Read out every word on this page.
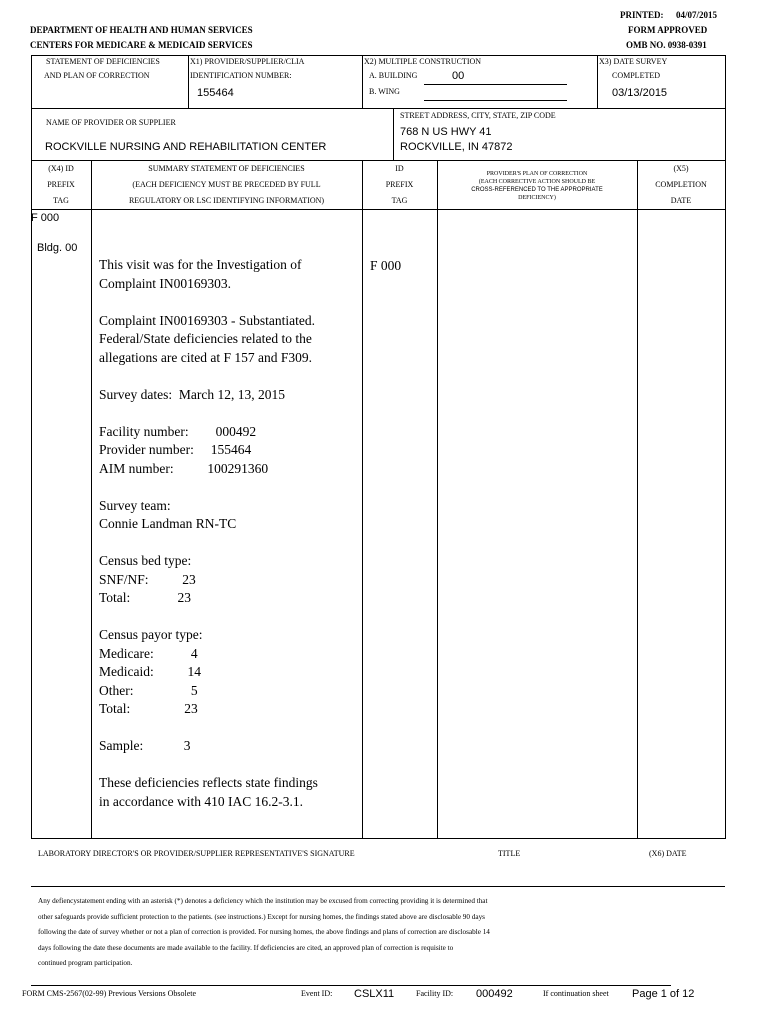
PRINTED: 04/07/2015
FORM APPROVED
OMB NO. 0938-0391
DEPARTMENT OF HEALTH AND HUMAN SERVICES
CENTERS FOR MEDICARE & MEDICAID SERVICES
STATEMENT OF DEFICIENCIES
AND PLAN OF CORRECTION
X1) PROVIDER/SUPPLIER/CLIA
IDENTIFICATION NUMBER:
155464
X2) MULTIPLE CONSTRUCTION
A. BUILDING	00
B. WING
X3) DATE SURVEY
COMPLETED
03/13/2015
NAME OF PROVIDER OR SUPPLIER
ROCKVILLE NURSING AND REHABILITATION CENTER
STREET ADDRESS, CITY, STATE, ZIP CODE
768 N US HWY 41
ROCKVILLE, IN 47872
(X4) ID
PREFIX
TAG
SUMMARY STATEMENT OF DEFICIENCIES
(EACH DEFICIENCY MUST BE PRECEDED BY FULL
REGULATORY OR LSC IDENTIFYING INFORMATION)
ID
PREFIX
TAG
PROVIDER'S PLAN OF CORRECTION
(EACH CORRECTIVE ACTION SHOULD BE
CROSS-REFERENCED TO THE APPROPRIATE
DEFICIENCY)
(X5)
COMPLETION
DATE
F 000
Bldg. 00
F 000
This visit was for the Investigation of
Complaint IN00169303.

Complaint IN00169303 - Substantiated.
Federal/State deficiencies related to the
allegations are cited at F 157 and F309.

Survey dates:  March 12, 13, 2015

Facility number:        000492
Provider number:     155464
AIM number:          100291360

Survey team:
Connie Landman RN-TC

Census bed type:
SNF/NF:          23
Total:              23

Census payor type:
Medicare:           4
Medicaid:          14
Other:                 5
Total:                23

Sample:            3

These deficiencies reflects state findings
in accordance with 410 IAC 16.2-3.1.
LABORATORY DIRECTOR'S OR PROVIDER/SUPPLIER REPRESENTATIVE'S SIGNATURE	TITLE	(X6) DATE
Any defiencystatement ending with an asterisk (*) denotes a deficiency which the institution may be excused from correcting providing it is determined that
other safeguards provide sufficient protection to the patients. (see instructions.) Except for nursing homes, the findings stated above are disclosable 90 days
following the date of survey whether or not a plan of correction is provided. For nursing homes, the above findings and plans of correction are disclosable 14
days following the date these documents are made available to the facility. If deficiencies are cited, an approved plan of correction is requisite to
continued program participation.
FORM CMS-2567(02-99) Previous Versions Obsolete	Event ID: CSLX11	Facility ID: 000492	If continuation sheet Page 1 of 12
